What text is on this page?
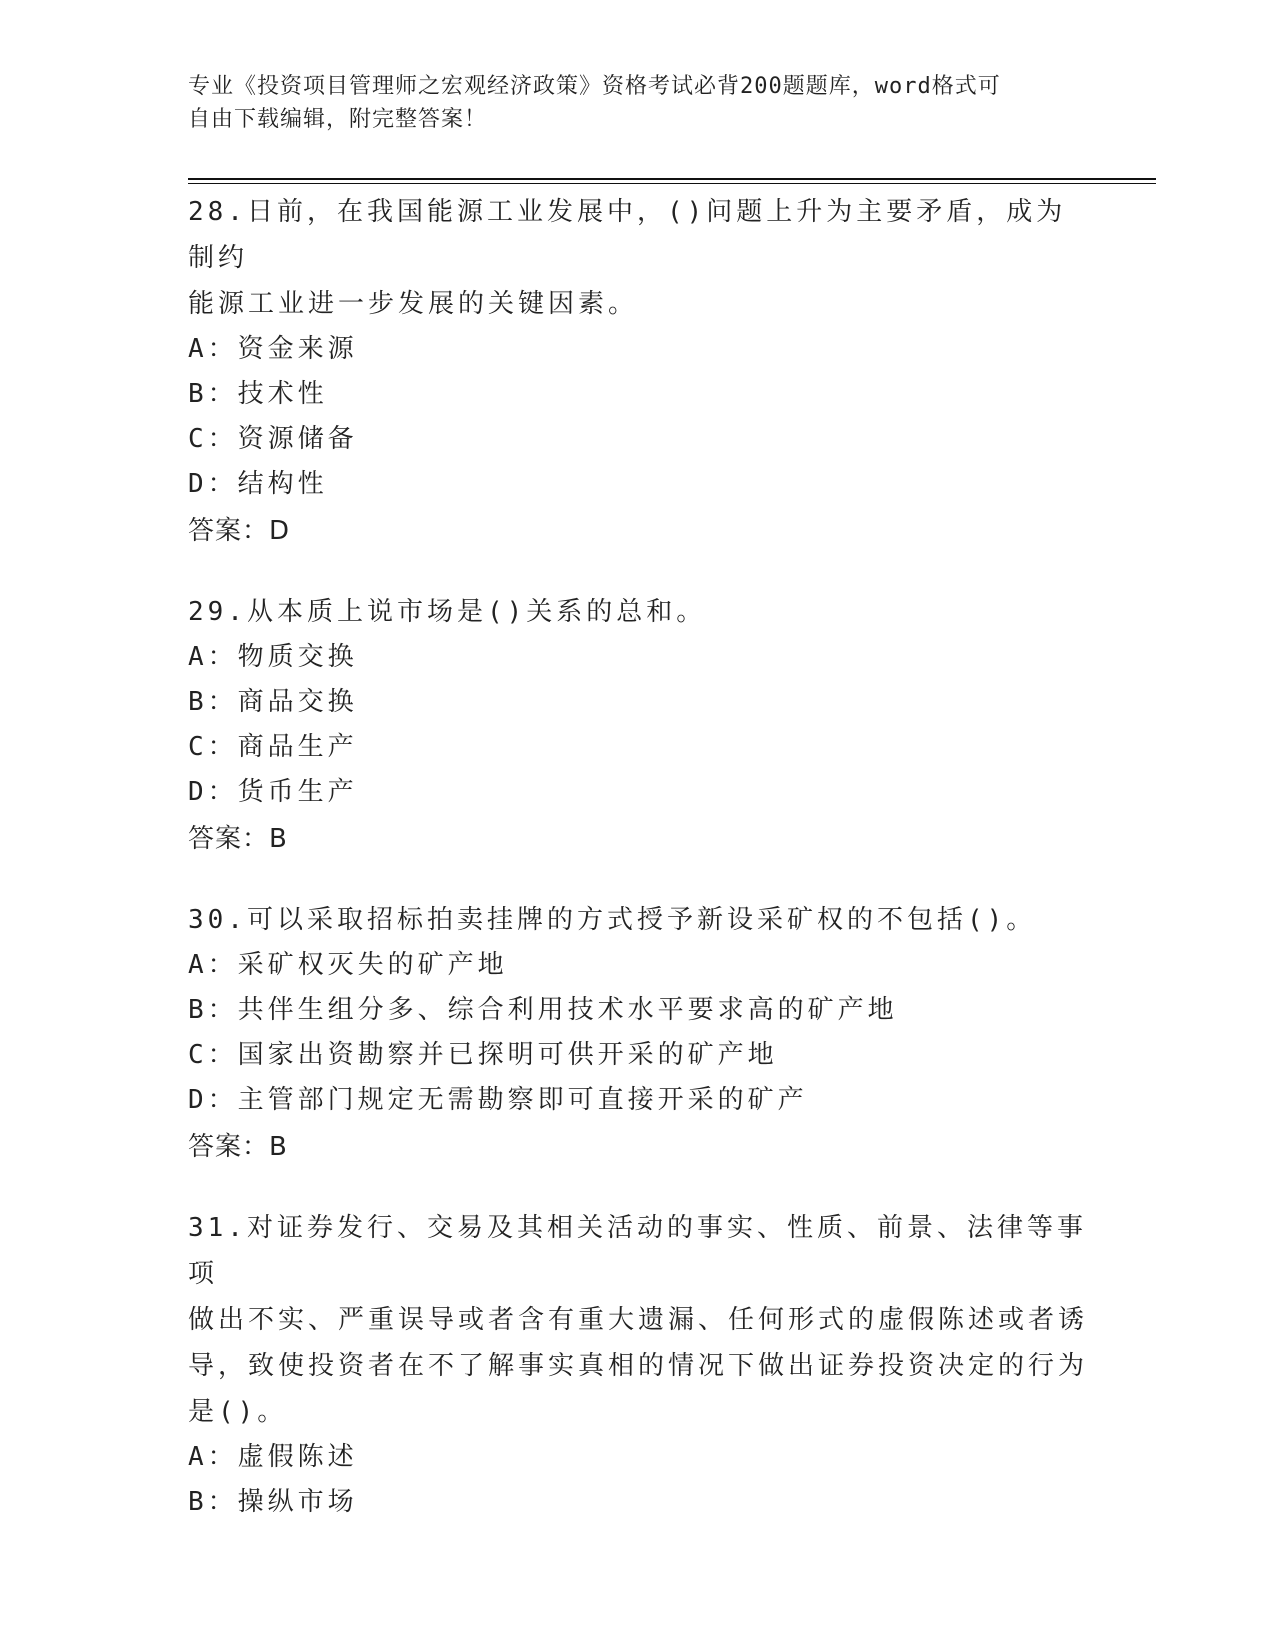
专业《投资项目管理师之宏观经济政策》资格考试必背200题题库，word格式可
自由下载编辑，附完整答案！
28.日前，在我国能源工业发展中，()问题上升为主要矛盾，成为制约
能源工业进一步发展的关键因素。
A：资金来源
B：技术性
C：资源储备
D：结构性
答案：D
29.从本质上说市场是()关系的总和。
A：物质交换
B：商品交换
C：商品生产
D：货币生产
答案：B
30.可以采取招标拍卖挂牌的方式授予新设采矿权的不包括()。
A：采矿权灭失的矿产地
B：共伴生组分多、综合利用技术水平要求高的矿产地
C：国家出资勘察并已探明可供开采的矿产地
D：主管部门规定无需勘察即可直接开采的矿产
答案：B
31.对证券发行、交易及其相关活动的事实、性质、前景、法律等事项
做出不实、严重误导或者含有重大遗漏、任何形式的虚假陈述或者诱
导，致使投资者在不了解事实真相的情况下做出证券投资决定的行为
是()。
A：虚假陈述
B：操纵市场
